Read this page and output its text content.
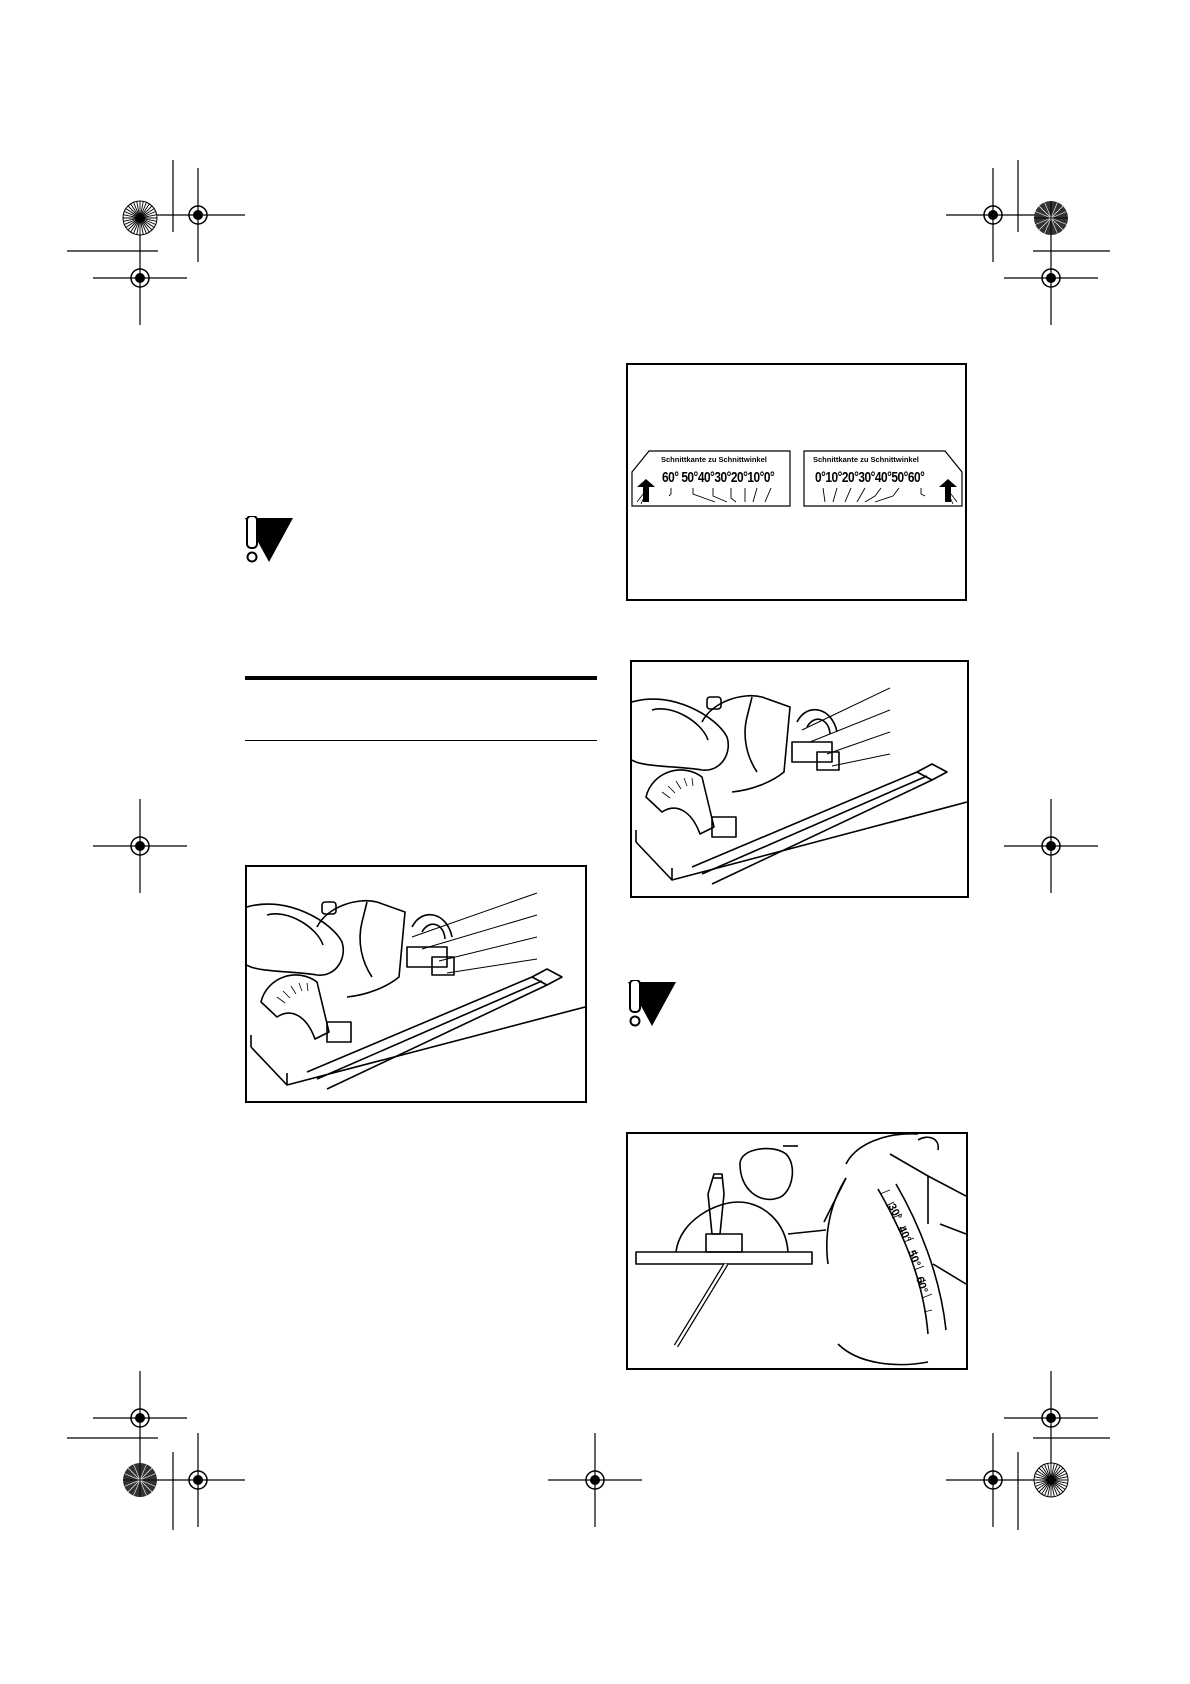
Schnittkante zu Schnittwinkel
60° 50°40°30°20°10°0°
Schnittkante zu Schnittwinkel
0°10°20°30°40°50°60°
30°
40°
50°
60°
